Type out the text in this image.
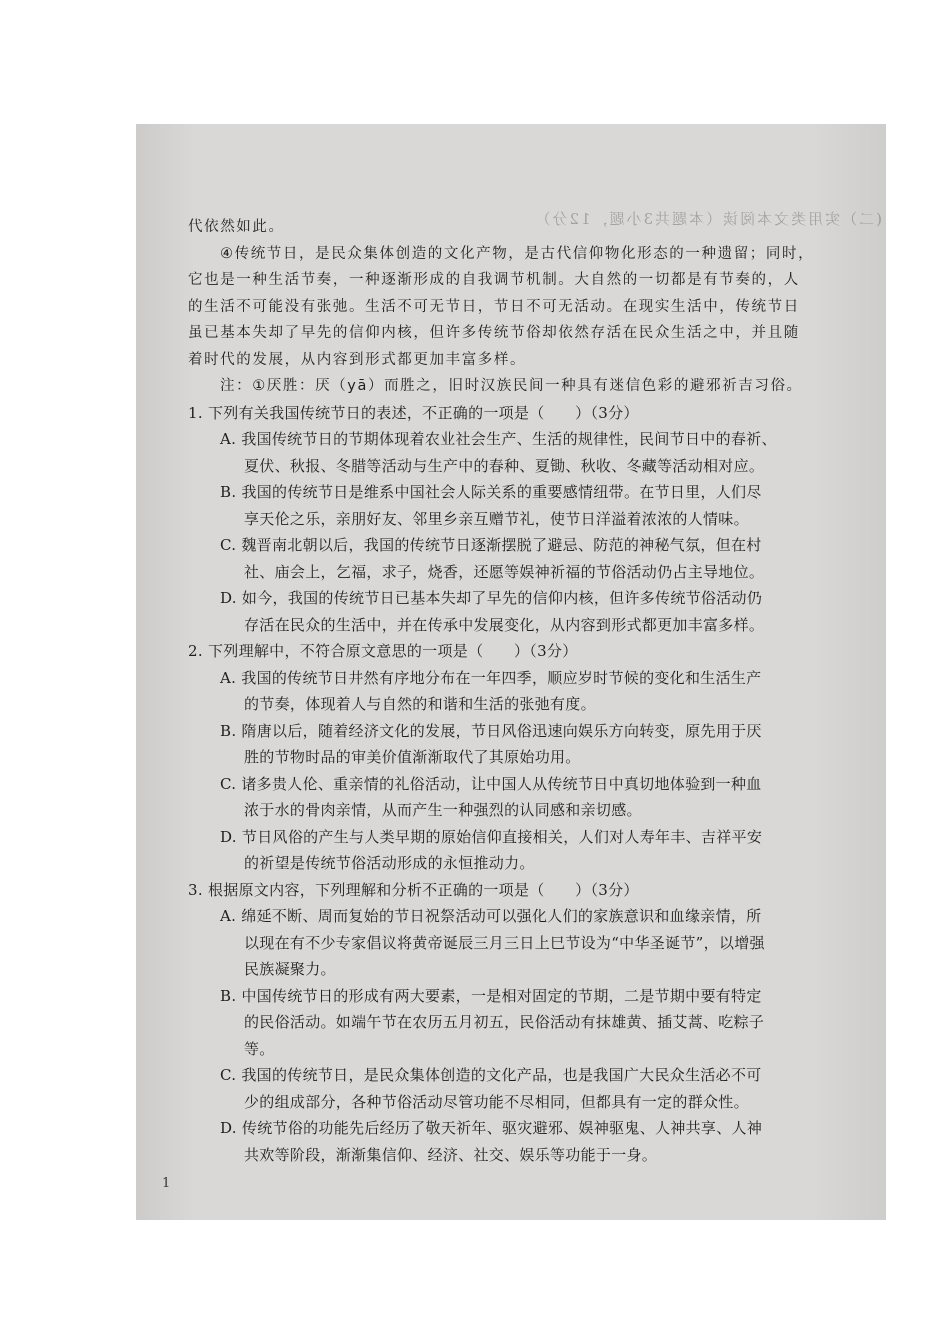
(二）实用类文本阅读（本题共3小题，12分）
代依然如此。
④传统节日，是民众集体创造的文化产物，是古代信仰物化形态的一种遗留；同时，
它也是一种生活节奏，一种逐渐形成的自我调节机制。大自然的一切都是有节奏的，人
的生活不可能没有张弛。生活不可无节日，节日不可无活动。在现实生活中，传统节日
虽已基本失却了早先的信仰内核，但许多传统节俗却依然存活在民众生活之中，并且随
着时代的发展，从内容到形式都更加丰富多样。
注：①厌胜：厌（yā）而胜之，旧时汉族民间一种具有迷信色彩的避邪祈吉习俗。
1. 下列有关我国传统节日的表述，不正确的一项是（　　）（3分）
A. 我国传统节日的节期体现着农业社会生产、生活的规律性，民间节日中的春祈、
夏伏、秋报、冬腊等活动与生产中的春种、夏锄、秋收、冬藏等活动相对应。
B. 我国的传统节日是维系中国社会人际关系的重要感情纽带。在节日里，人们尽
享天伦之乐，亲朋好友、邻里乡亲互赠节礼，使节日洋溢着浓浓的人情味。
C. 魏晋南北朝以后，我国的传统节日逐渐摆脱了避忌、防范的神秘气氛，但在村
社、庙会上，乞福，求子，烧香，还愿等娱神祈福的节俗活动仍占主导地位。
D. 如今，我国的传统节日已基本失却了早先的信仰内核，但许多传统节俗活动仍
存活在民众的生活中，并在传承中发展变化，从内容到形式都更加丰富多样。
2. 下列理解中，不符合原文意思的一项是（　　）（3分）
A. 我国的传统节日井然有序地分布在一年四季，顺应岁时节候的变化和生活生产
的节奏，体现着人与自然的和谐和生活的张弛有度。
B. 隋唐以后，随着经济文化的发展，节日风俗迅速向娱乐方向转变，原先用于厌
胜的节物时品的审美价值渐渐取代了其原始功用。
C. 诸多贵人伦、重亲情的礼俗活动，让中国人从传统节日中真切地体验到一种血
浓于水的骨肉亲情，从而产生一种强烈的认同感和亲切感。
D. 节日风俗的产生与人类早期的原始信仰直接相关，人们对人寿年丰、吉祥平安
的祈望是传统节俗活动形成的永恒推动力。
3. 根据原文内容，下列理解和分析不正确的一项是（　　）（3分）
A. 绵延不断、周而复始的节日祝祭活动可以强化人们的家族意识和血缘亲情，所
以现在有不少专家倡议将黄帝诞辰三月三日上巳节设为“中华圣诞节”，以增强
民族凝聚力。
B. 中国传统节日的形成有两大要素，一是相对固定的节期，二是节期中要有特定
的民俗活动。如端午节在农历五月初五，民俗活动有抹雄黄、插艾蒿、吃粽子
等。
C. 我国的传统节日，是民众集体创造的文化产品，也是我国广大民众生活必不可
少的组成部分，各种节俗活动尽管功能不尽相同，但都具有一定的群众性。
D. 传统节俗的功能先后经历了敬天祈年、驱灾避邪、娱神驱鬼、人神共享、人神
共欢等阶段，渐渐集信仰、经济、社交、娱乐等功能于一身。
1
